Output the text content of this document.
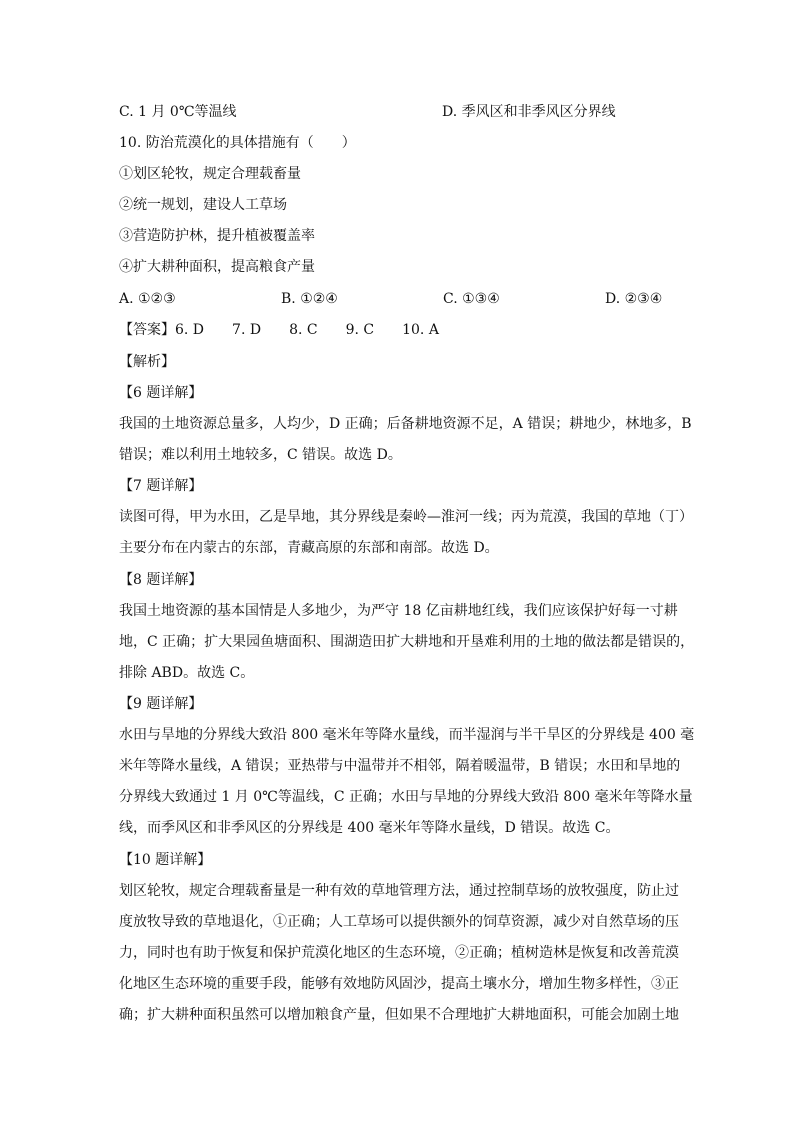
C. 1 月 0℃等温线	D. 季风区和非季风区分界线
10. 防治荒漠化的具体措施有（　　）
①划区轮牧，规定合理载畜量
②统一规划，建设人工草场
③营造防护林，提升植被覆盖率
④扩大耕种面积，提高粮食产量
A. ①②③	B. ①②④	C. ①③④	D. ②③④
【答案】6. D　　7. D　　8. C　　9. C　　10. A
【解析】
【6 题详解】
我国的土地资源总量多，人均少，D 正确；后备耕地资源不足，A 错误；耕地少，林地多，B
错误；难以利用土地较多，C 错误。故选 D。
【7 题详解】
读图可得，甲为水田，乙是旱地，其分界线是秦岭—淮河一线；丙为荒漠，我国的草地（丁）
主要分布在内蒙古的东部，青藏高原的东部和南部。故选 D。
【8 题详解】
我国土地资源的基本国情是人多地少，为严守 18 亿亩耕地红线，我们应该保护好每一寸耕
地，C 正确；扩大果园鱼塘面积、围湖造田扩大耕地和开垦难利用的土地的做法都是错误的，
排除 ABD。故选 C。
【9 题详解】
水田与旱地的分界线大致沿 800 毫米年等降水量线，而半湿润与半干旱区的分界线是 400 毫
米年等降水量线，A 错误；亚热带与中温带并不相邻，隔着暖温带，B 错误；水田和旱地的
分界线大致通过 1 月 0℃等温线，C 正确；水田与旱地的分界线大致沿 800 毫米年等降水量
线，而季风区和非季风区的分界线是 400 毫米年等降水量线，D 错误。故选 C。
【10 题详解】
划区轮牧，规定合理载畜量是一种有效的草地管理方法，通过控制草场的放牧强度，防止过
度放牧导致的草地退化，①正确；人工草场可以提供额外的饲草资源，减少对自然草场的压
力，同时也有助于恢复和保护荒漠化地区的生态环境，②正确；植树造林是恢复和改善荒漠
化地区生态环境的重要手段，能够有效地防风固沙，提高土壤水分，增加生物多样性，③正
确；扩大耕种面积虽然可以增加粮食产量，但如果不合理地扩大耕地面积，可能会加剧土地
